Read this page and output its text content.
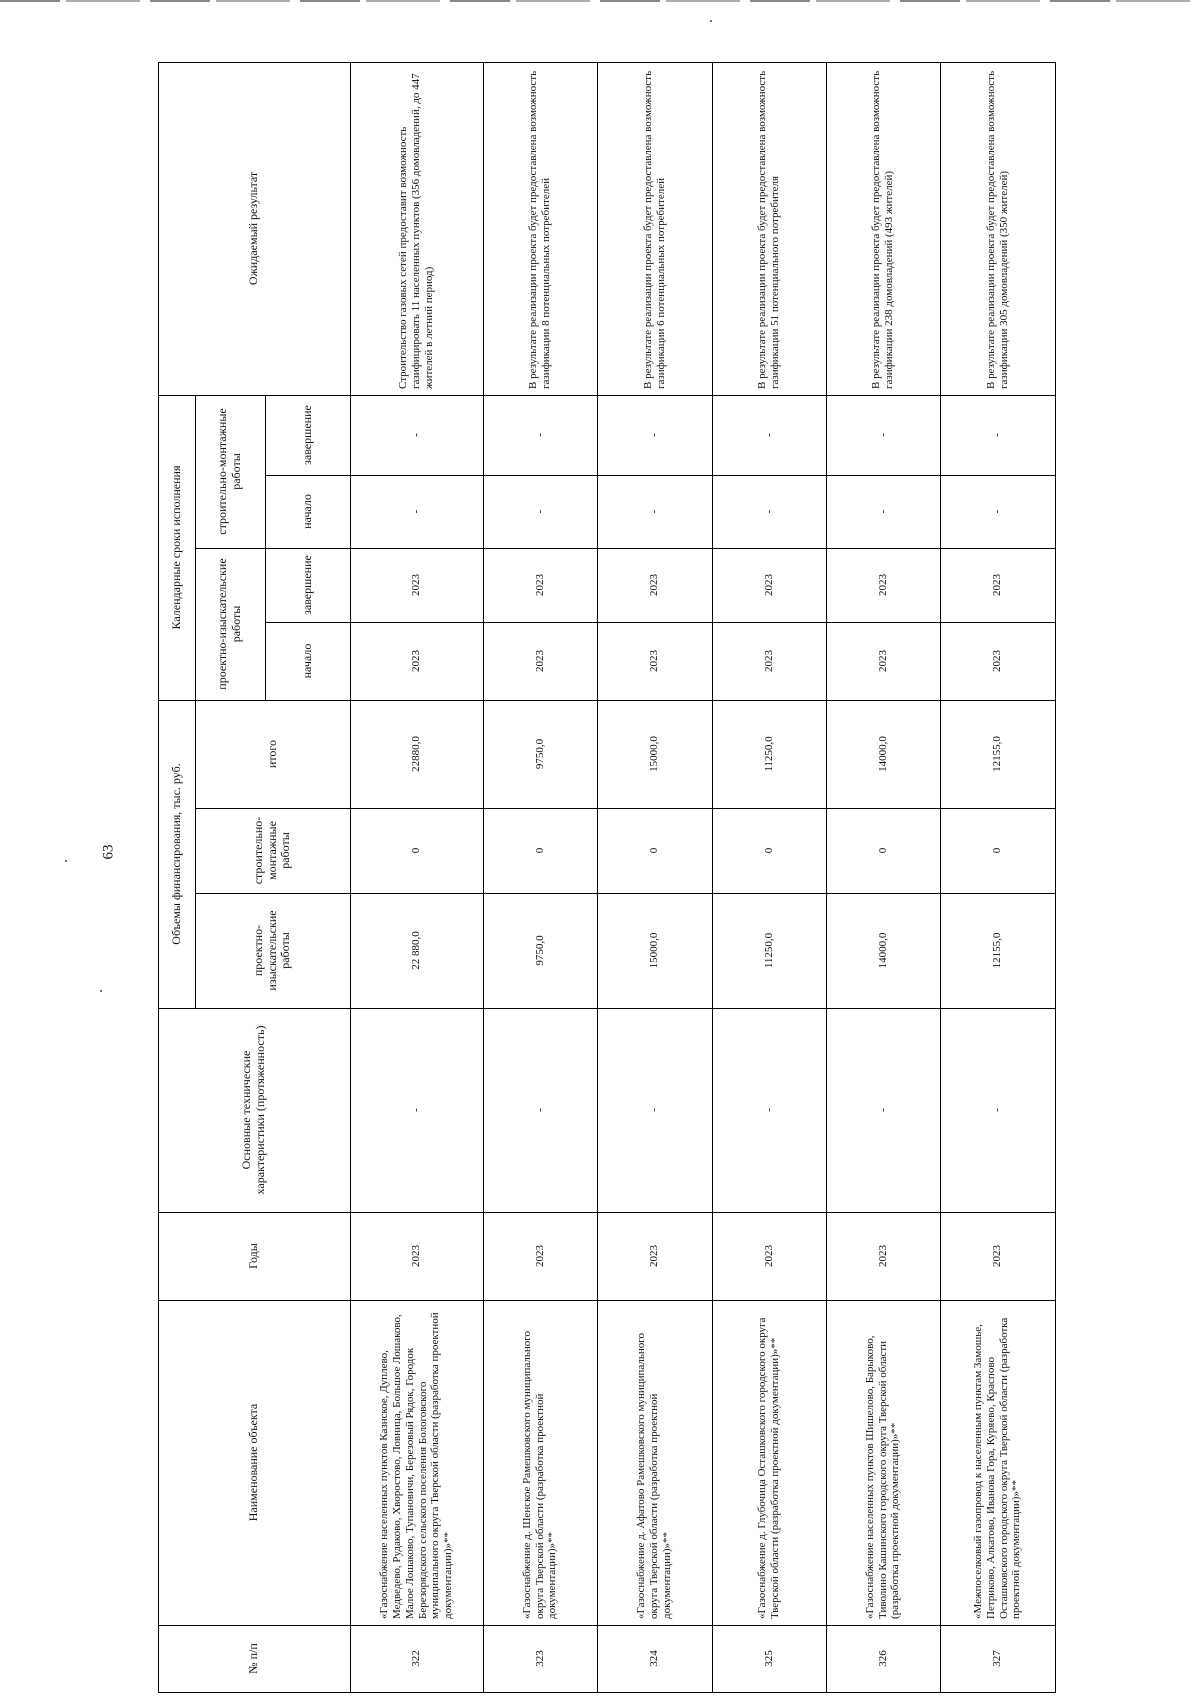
63
Ожидаемый результат
итого
строительно-монтажные работы
проектно-изыскательские работы
Основные технические характеристики (протяженность)
Годы
Наименование объекта
№ п/п
Объемы финансирования, тыс. руб.
Календарные сроки исполнения	проектно-изыскательские работы
строительно-монтажные работы
начало
завершение
начало
завершение
Строительство газовых сетей предоставит возможность газифицировать 11 населенных пунктов (356 домовладений, до 447 жителей в летний период)
-
-
2023
2023
22880,0
0
22 880,0
-
2023
«Газоснабжение населенных пунктов Казнское, Дуплево, Медведево, Рудаково, Хворостово, Ловница, Большое Лошаково, Малое Лошаково, Тупановичи, Березовый Рядок, Городок Березорядского сельского поселения Бологовского муниципального округа Тверской области (разработка проектной документации)»**
322
В результате реализации проекта будет предоставлена возможность газификации 8 потенциальных потребителей
-
-
2023
2023
9750,0
0
9750,0
-
2023
«Газоснабжение д. Шенское Рамешковского муниципального округа Тверской области (разработка проектной документации)»**
323
В результате реализации проекта будет предоставлена возможность газификации 6 потенциальных потребителей
-
-
2023
2023
15000,0
0
15000,0
-
2023
«Газоснабжение д. Афатово Рамешковского муниципального округа Тверской области (разработка проектной документации)»**
324
В результате реализации проекта будет предоставлена возможность газификации 51 потенциального потребителя
-
-
2023
2023
11250,0
0
11250,0
-
2023
«Газоснабжение д. Глубочица Осташковского городского округа Тверской области (разработка проектной документации)»**
325
В результате реализации проекта будет предоставлена возможность газификации 238 домовладений (493 жителей)
-
-
2023
2023
14000,0
0
14000,0
-
2023
«Газоснабжение населенных пунктов Шишелово, Барыково, Тиволино Кашинского городского округа Тверской области (разработка проектной документации)»**
326
В результате реализации проекта будет предоставлена возможность газификации 305 домовладений (350 жителей)
-
-
2023
2023
12155,0
0
12155,0
-
2023
«Межпоселковый газопровод к населенным пунктам Замошье, Петриково, Алкатово, Иванова Гора, Куряево, Краспово Осташковского городского округа Тверской области (разработка проектной документации)»**
327
